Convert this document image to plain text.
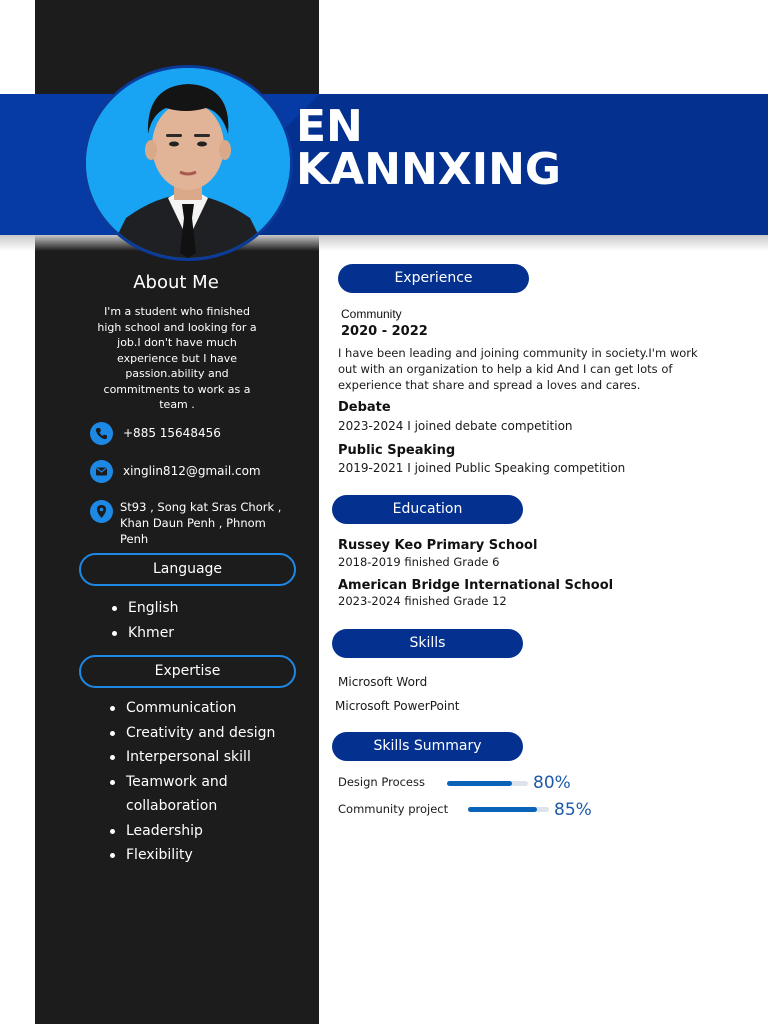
EN
KANNXING
About Me
I'm a student who finished high school and looking for a job.I don't have much experience but I have passion.ability and commitments to work as a team .
+885 15648456
xinglin812@gmail.com
St93 , Song kat Sras Chork , Khan Daun Penh , Phnom Penh
Language
English
Khmer
Expertise
Communication
Creativity and design
Interpersonal skill
Teamwork and collaboration
Leadership
Flexibility
Experience
Community
2020 - 2022
I have been leading and joining community in society.I'm work out with an organization to help a kid And I can get lots of experience that share and spread a loves and cares.
Debate
2023-2024 I joined debate competition
Public Speaking
2019-2021 I joined Public Speaking competition
Education
Russey Keo Primary School
2018-2019 finished Grade 6
American Bridge International School
2023-2024 finished Grade 12
Skills
Microsoft Word
Microsoft PowerPoint
Skills Summary
Design Process	80%
Community project	85%
